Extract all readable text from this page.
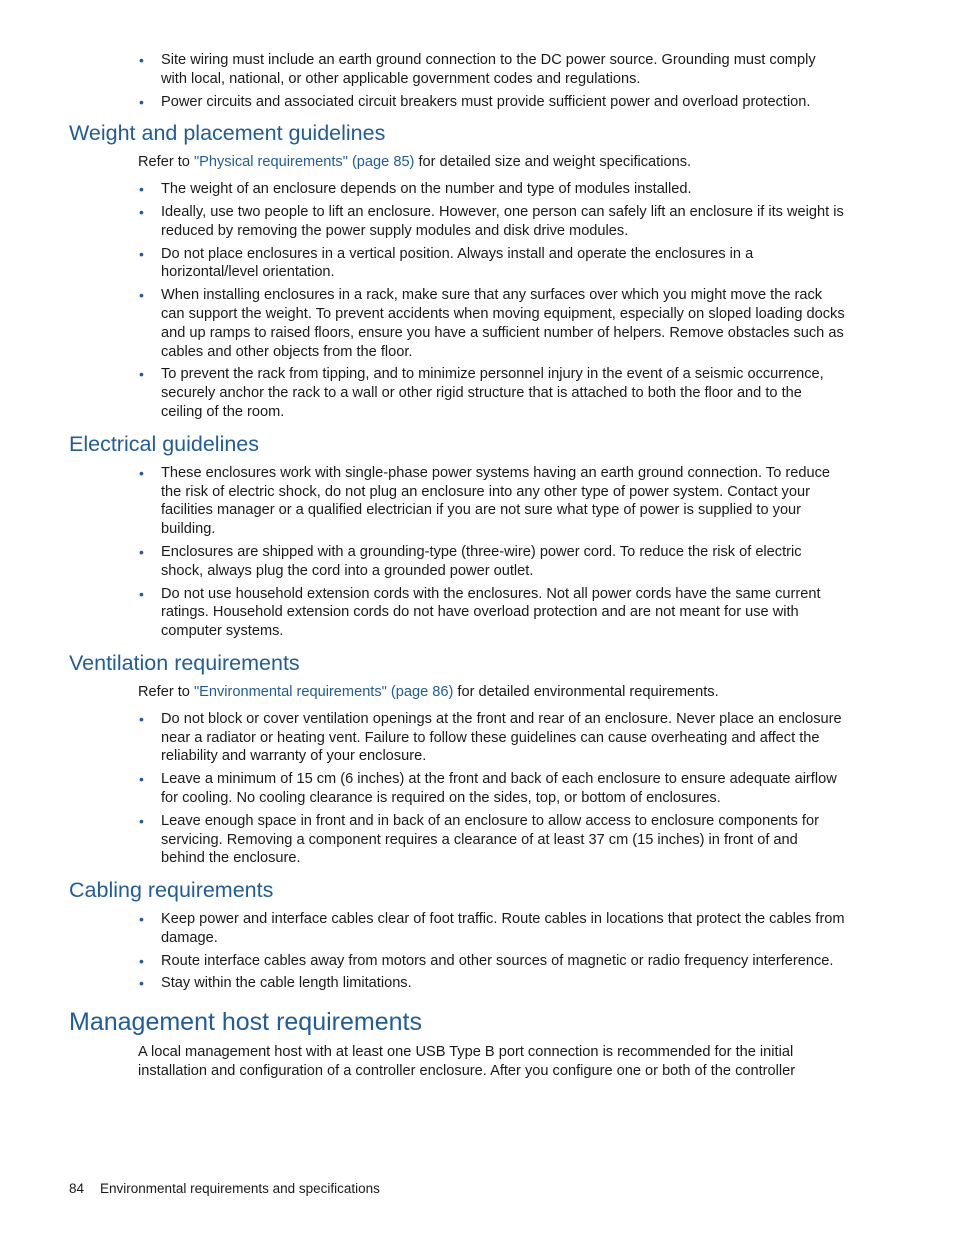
• Site wiring must include an earth ground connection to the DC power source. Grounding must comply with local, national, or other applicable government codes and regulations.
• Power circuits and associated circuit breakers must provide sufficient power and overload protection.
Weight and placement guidelines

Refer to "Physical requirements" (page 85) for detailed size and weight specifications.

• The weight of an enclosure depends on the number and type of modules installed.
• Ideally, use two people to lift an enclosure. However, one person can safely lift an enclosure if its weight is reduced by removing the power supply modules and disk drive modules.
• Do not place enclosures in a vertical position. Always install and operate the enclosures in a horizontal/level orientation.
• When installing enclosures in a rack, make sure that any surfaces over which you might move the rack can support the weight. To prevent accidents when moving equipment, especially on sloped loading docks and up ramps to raised floors, ensure you have a sufficient number of helpers. Remove obstacles such as cables and other objects from the floor.
• To prevent the rack from tipping, and to minimize personnel injury in the event of a seismic occurrence, securely anchor the rack to a wall or other rigid structure that is attached to both the floor and to the ceiling of the room.
Electrical guidelines
• These enclosures work with single-phase power systems having an earth ground connection. To reduce the risk of electric shock, do not plug an enclosure into any other type of power system. Contact your facilities manager or a qualified electrician if you are not sure what type of power is supplied to your building.
• Enclosures are shipped with a grounding-type (three-wire) power cord. To reduce the risk of electric shock, always plug the cord into a grounded power outlet.
• Do not use household extension cords with the enclosures. Not all power cords have the same current ratings. Household extension cords do not have overload protection and are not meant for use with computer systems.
Ventilation requirements

Refer to "Environmental requirements" (page 86) for detailed environmental requirements.

• Do not block or cover ventilation openings at the front and rear of an enclosure. Never place an enclosure near a radiator or heating vent. Failure to follow these guidelines can cause overheating and affect the reliability and warranty of your enclosure.
• Leave a minimum of 15 cm (6 inches) at the front and back of each enclosure to ensure adequate airflow for cooling. No cooling clearance is required on the sides, top, or bottom of enclosures.
• Leave enough space in front and in back of an enclosure to allow access to enclosure components for servicing. Removing a component requires a clearance of at least 37 cm (15 inches) in front of and behind the enclosure.
Cabling requirements
• Keep power and interface cables clear of foot traffic. Route cables in locations that protect the cables from damage.
• Route interface cables away from motors and other sources of magnetic or radio frequency interference.
• Stay within the cable length limitations.
Management host requirements

A local management host with at least one USB Type B port connection is recommended for the initial installation and configuration of a controller enclosure. After you configure one or both of the controller

84 Environmental requirements and specifications
